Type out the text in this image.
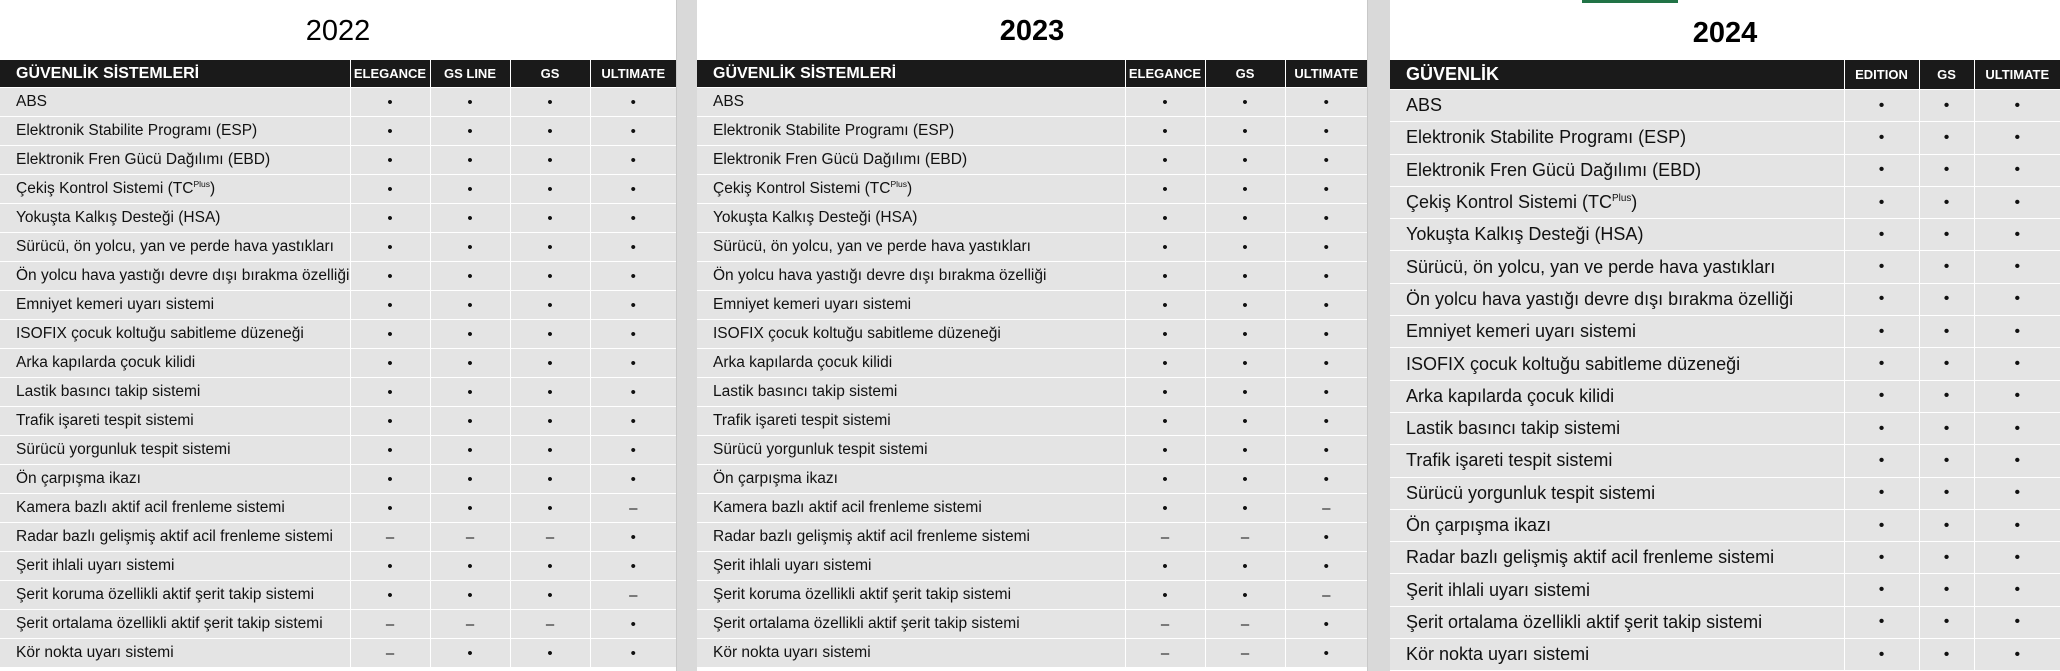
2022
GÜVENLİK SİSTEMLERİ	ELEGANCE	GS LINE	GS	ULTIMATE
ABS	•	•	•	•
Elektronik Stabilite Programı (ESP)	•	•	•	•
Elektronik Fren Gücü Dağılımı (EBD)	•	•	•	•
Çekiş Kontrol Sistemi $(TC^{Plus})$	•	•	•	•
Yokuşta Kalkış Desteği (HSA)	•	•	•	•
Sürücü, ön yolcu, yan ve perde hava yastıkları	•	•	•	•
Ön yolcu hava yastığı devre dışı bırakma özelliği	•	•	•	•
Emniyet kemeri uyarı sistemi	•	•	•	•
ISOFIX çocuk koltuğu sabitleme düzeneği	•	•	•	•
Arka kapılarda çocuk kilidi	•	•	•	•
Lastik basıncı takip sistemi	•	•	•	•
Trafik işareti tespit sistemi	•	•	•	•
Sürücü yorgunluk tespit sistemi	•	•	•	•
Ön çarpışma ikazı	•	•	•	•
Kamera bazlı aktif acil frenleme sistemi	•	•	•	–
Radar bazlı gelişmiş aktif acil frenleme sistemi	–	–	–	•
Şerit ihlali uyarı sistemi	•	•	•	•
Şerit koruma özellikli aktif şerit takip sistemi	•	•	•	–
Şerit ortalama özellikli aktif şerit takip sistemi	–	–	–	•
Kör nokta uyarı sistemi	–	•	•	•
2023
GÜVENLİK SİSTEMLERİ	ELEGANCE	GS	ULTIMATE
ABS	•	•	•
Elektronik Stabilite Programı (ESP)	•	•	•
Elektronik Fren Gücü Dağılımı (EBD)	•	•	•
Çekiş Kontrol Sistemi $(TC^{Plus})$	•	•	•
Yokuşta Kalkış Desteği (HSA)	•	•	•
Sürücü, ön yolcu, yan ve perde hava yastıkları	•	•	•
Ön yolcu hava yastığı devre dışı bırakma özelliği	•	•	•
Emniyet kemeri uyarı sistemi	•	•	•
ISOFIX çocuk koltuğu sabitleme düzeneği	•	•	•
Arka kapılarda çocuk kilidi	•	•	•
Lastik basıncı takip sistemi	•	•	•
Trafik işareti tespit sistemi	•	•	•
Sürücü yorgunluk tespit sistemi	•	•	•
Ön çarpışma ikazı	•	•	•
Kamera bazlı aktif acil frenleme sistemi	•	•	–
Radar bazlı gelişmiş aktif acil frenleme sistemi	–	–	•
Şerit ihlali uyarı sistemi	•	•	•
Şerit koruma özellikli aktif şerit takip sistemi	•	•	–
Şerit ortalama özellikli aktif şerit takip sistemi	–	–	•
Kör nokta uyarı sistemi	–	–	•
2024
GÜVENLİK	EDITION	GS	ULTIMATE
ABS	•	•	•
Elektronik Stabilite Programı (ESP)	•	•	•
Elektronik Fren Gücü Dağılımı (EBD)	•	•	•
Çekiş Kontrol Sistemi $(TC^{Plus})$	•	•	•
Yokuşta Kalkış Desteği (HSA)	•	•	•
Sürücü, ön yolcu, yan ve perde hava yastıkları	•	•	•
Ön yolcu hava yastığı devre dışı bırakma özelliği	•	•	•
Emniyet kemeri uyarı sistemi	•	•	•
ISOFIX çocuk koltuğu sabitleme düzeneği	•	•	•
Arka kapılarda çocuk kilidi	•	•	•
Lastik basıncı takip sistemi	•	•	•
Trafik işareti tespit sistemi	•	•	•
Sürücü yorgunluk tespit sistemi	•	•	•
Ön çarpışma ikazı	•	•	•
Radar bazlı gelişmiş aktif acil frenleme sistemi	•	•	•
Şerit ihlali uyarı sistemi	•	•	•
Şerit ortalama özellikli aktif şerit takip sistemi	•	•	•
Kör nokta uyarı sistemi	•	•	•
